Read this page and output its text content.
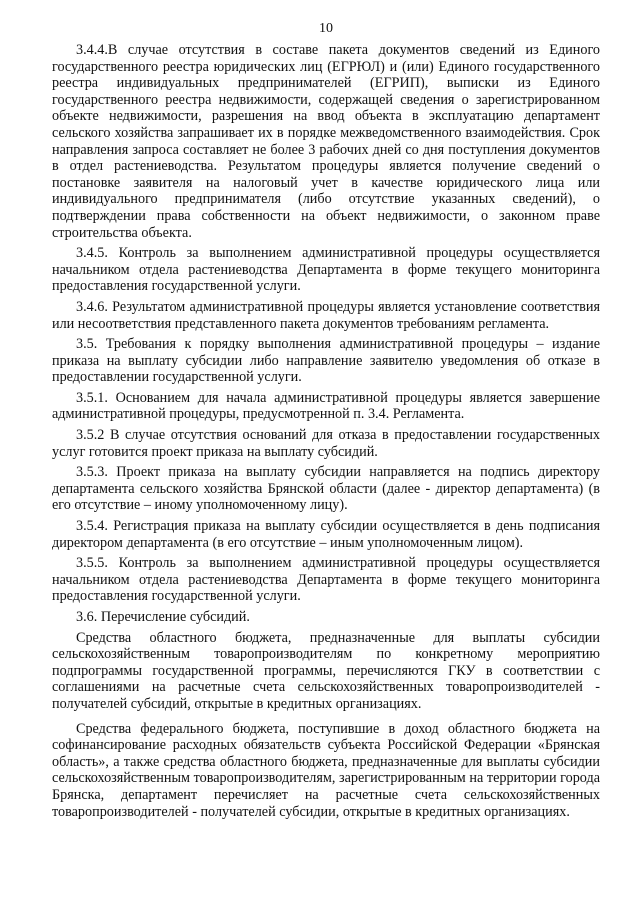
10

3.4.4.В случае отсутствия в составе пакета документов сведений из Единого государственного реестра юридических лиц (ЕГРЮЛ) и (или) Единого государственного реестра индивидуальных предпринимателей (ЕГРИП), выписки из Единого государственного реестра недвижимости, содержащей сведения о зарегистрированном объекте недвижимости, разрешения на ввод объекта в эксплуатацию департамент сельского хозяйства запрашивает их в порядке межведомственного взаимодействия. Срок направления запроса составляет не более 3 рабочих дней со дня поступления документов в отдел растениеводства. Результатом процедуры является получение сведений о постановке заявителя на налоговый учет в качестве юридического лица или индивидуального предпринимателя (либо отсутствие указанных сведений), о подтверждении права собственности на объект недвижимости, о законном праве строительства объекта.

3.4.5. Контроль за выполнением административной процедуры осуществляется начальником отдела растениеводства Департамента в форме текущего мониторинга предоставления государственной услуги.

3.4.6. Результатом административной процедуры является установление соответствия или несоответствия представленного пакета документов требованиям регламента.

3.5. Требования к порядку выполнения административной процедуры – издание приказа на выплату субсидии либо направление заявителю уведомления об отказе в предоставлении государственной услуги.

3.5.1. Основанием для начала административной процедуры является завершение административной процедуры, предусмотренной п. 3.4. Регламента.

3.5.2 В случае отсутствия оснований для отказа в предоставлении государственных услуг готовится проект приказа на выплату субсидий.

3.5.3. Проект приказа на выплату субсидии направляется на подпись директору департамента сельского хозяйства Брянской области (далее - директор департамента) (в его отсутствие – иному уполномоченному лицу).

3.5.4. Регистрация приказа на выплату субсидии осуществляется в день подписания директором департамента (в его отсутствие – иным уполномоченным лицом).

3.5.5. Контроль за выполнением административной процедуры осуществляется начальником отдела растениеводства Департамента в форме текущего мониторинга предоставления государственной услуги.

3.6. Перечисление субсидий.

Средства областного бюджета, предназначенные для выплаты субсидии сельскохозяйственным товаропроизводителям по конкретному мероприятию подпрограммы государственной программы, перечисляются ГКУ в соответствии с соглашениями на расчетные счета сельскохозяйственных товаропроизводителей - получателей субсидий, открытые в кредитных организациях.

Средства федерального бюджета, поступившие в доход областного бюджета на софинансирование расходных обязательств субъекта Российской Федерации «Брянская область», а также средства областного бюджета, предназначенные для выплаты субсидии сельскохозяйственным товаропроизводителям, зарегистрированным на территории города Брянска, департамент перечисляет на расчетные счета сельскохозяйственных товаропроизводителей - получателей субсидии, открытые в кредитных организациях.
